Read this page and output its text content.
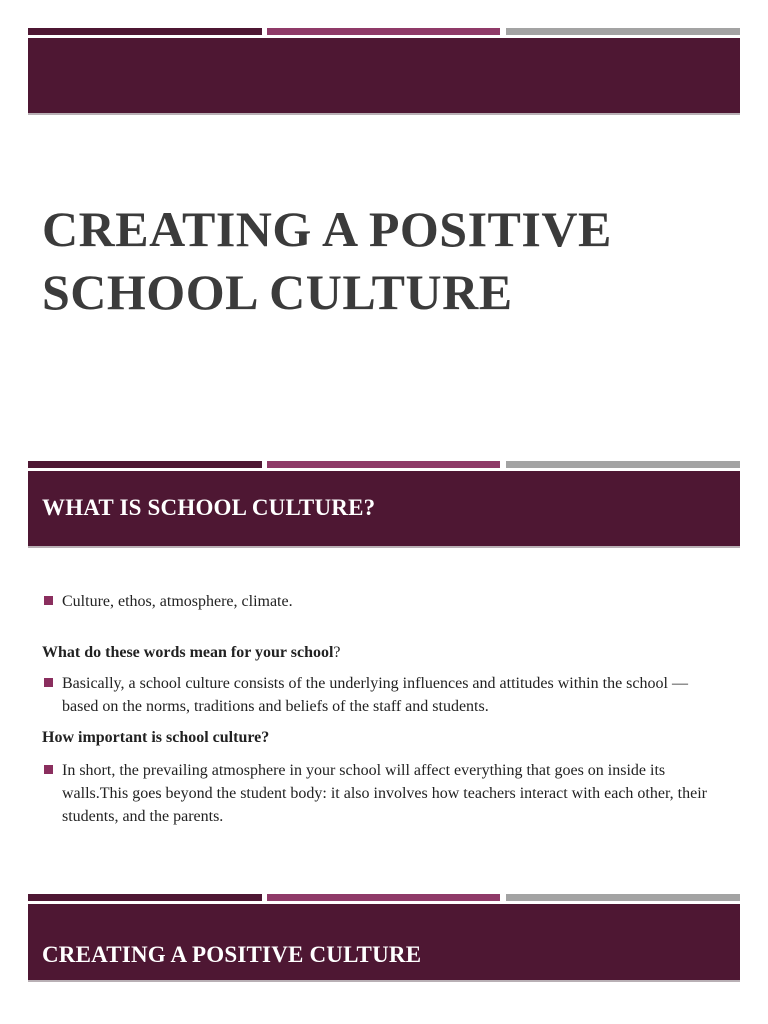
CREATING A POSITIVE
SCHOOL CULTURE
WHAT IS SCHOOL CULTURE?

Culture, ethos, atmosphere, climate.

What do these words mean for your school?

Basically, a school culture consists of the underlying influences and attitudes within the school — based on the norms, traditions and beliefs of the staff and students.

How important is school culture?

In short, the prevailing atmosphere in your school will affect everything that goes on inside its walls.This goes beyond the student body: it also involves how teachers interact with each other, their students, and the parents.

CREATING A POSITIVE CULTURE
